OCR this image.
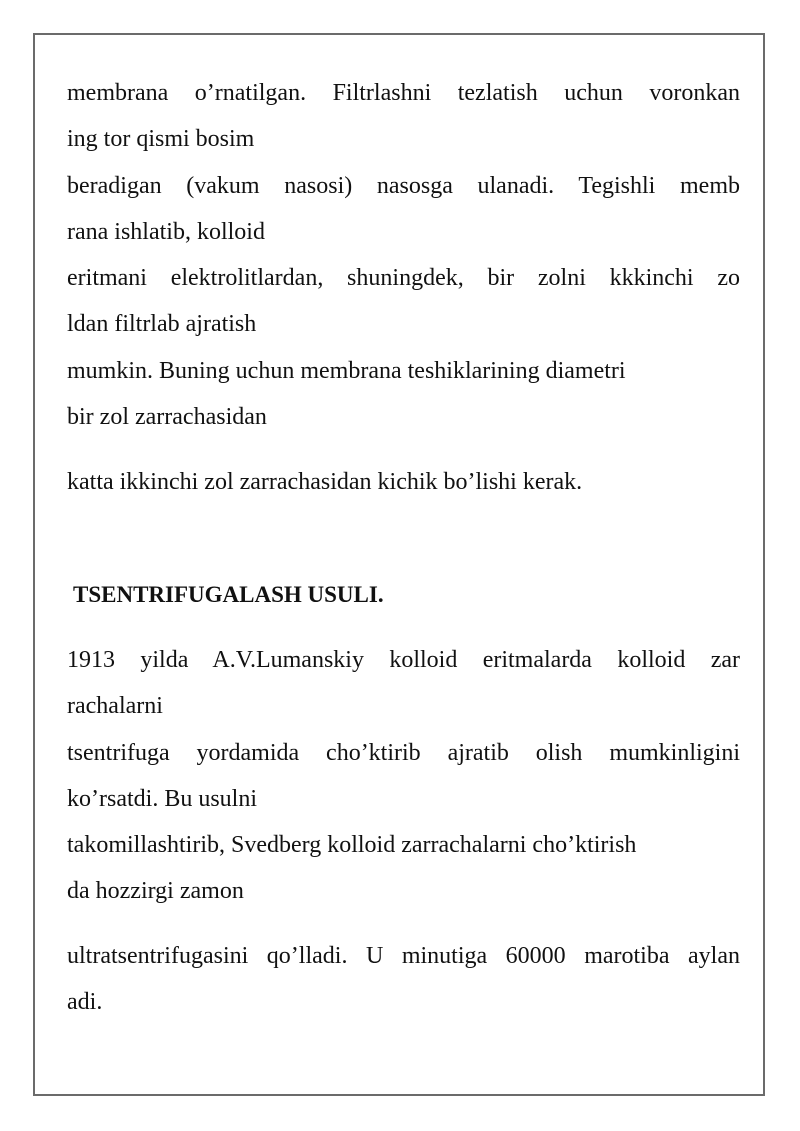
membrana o’rnatilgan. Filtrlashni tezlatish uchun voronkan
ing tor qismi bosim
beradigan (vakum nasosi) nasosga ulanadi. Tegishli memb
rana ishlatib, kolloid
eritmani elektrolitlardan, shuningdek, bir zolni kkkinchi zo
ldan filtrlab ajratish
mumkin. Buning uchun membrana teshiklarining diametri
bir zol zarrachasidan
katta ikkinchi zol zarrachasidan kichik bo’lishi kerak.
TSENTRIFUGALASH USULI.
1913 yilda A.V.Lumanskiy kolloid eritmalarda kolloid zar
rachalarni
tsentrifuga yordamida cho’ktirib ajratib olish mumkinligini
ko’rsatdi. Bu usulni
takomillashtirib, Svedberg kolloid zarrachalarni cho’ktirish
da hozzirgi zamon
ultratsentrifugasini qo’lladi. U minutiga 60000 marotiba aylan
adi.
